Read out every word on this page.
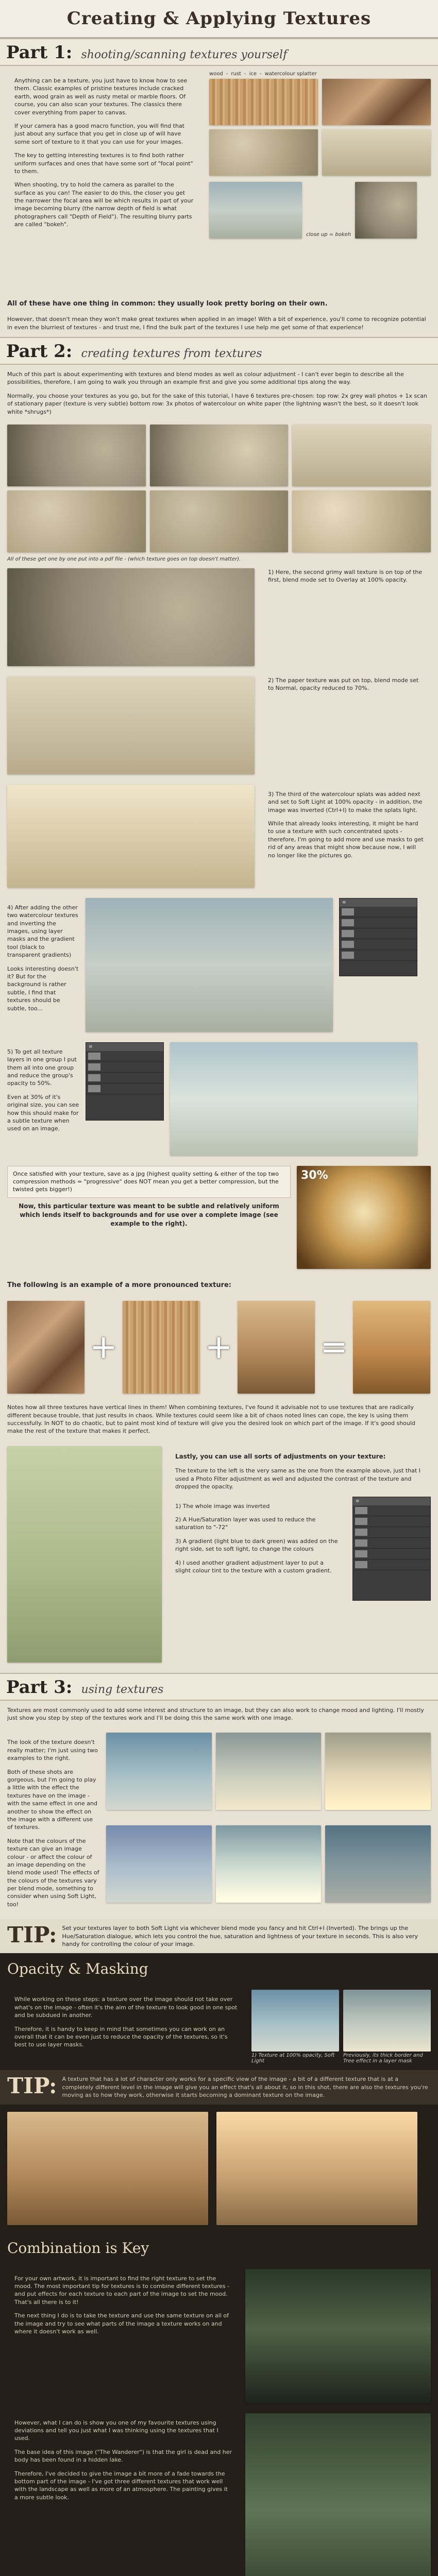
Creating & Applying Textures
Part 1: shooting/scanning textures yourself

Anything can be a texture, you just have to know how to see them. Classic examples of pristine textures include cracked earth, wood grain as well as rusty metal or marble floors. Of course, you can also scan your textures. The classics there cover everything from paper to canvas.

If your camera has a good macro function, you will find that just about any surface that you get in close up of will have some sort of texture to it that you can use for your images.

The key to getting interesting textures is to find both rather uniform surfaces and ones that have some sort of "focal point" to them.

When shooting, try to hold the camera as parallel to the surface as you can! The easier to do this, the closer you get the narrower the focal area will be which results in part of your image becoming blurry (the narrow depth of field is what photographers call "Depth of Field"). The resulting blurry parts are called "bokeh".

wood - rust - ice - watercolour splatter
close up = bokeh

All of these have one thing in common: they usually look pretty boring on their own.

However, that doesn't mean they won't make great textures when applied in an image! With a bit of experience, you'll come to recognize potential in even the blurriest of textures - and trust me, I find the bulk part of the textures I use help me get some of that experience!

Part 2: creating textures from textures

Much of this part is about experimenting with textures and blend modes as well as colour adjustment - I can't ever begin to describe all the possibilities, therefore, I am going to walk you through an example first and give you some additional tips along the way.

Normally, you choose your textures as you go, but for the sake of this tutorial, I have 6 textures pre-chosen: top row: 2x grey wall photos + 1x scan of stationary paper (texture is very subtle) bottom row: 3x photos of watercolour on white paper (the lightning wasn't the best, so it doesn't look white *shrugs*)

All of these get one by one put into a pdf file - (which texture goes on top doesn't matter).
1) Here, the second grimy wall texture is on top of the first, blend mode set to Overlay at 100% opacity.
2) The paper texture was put on top, blend mode set to Normal, opacity reduced to 70%.

3) The third of the watercolour splats was added next and set to Soft Light at 100% opacity - in addition, the image was inverted (Ctrl+I) to make the splats light.

While that already looks interesting, it might be hard to use a texture with such concentrated spots - therefore, I'm going to add more and use masks to get rid of any areas that might show because now, I will no longer like the pictures go.

4) After adding the other two watercolour textures and inverting the images, using layer masks and the gradient tool (black to transparent gradients)

Looks interesting doesn't it? But for the background is rather subtle, I find that textures should be subtle, too...

≡

5) To get all texture layers in one group I put them all into one group and reduce the group's opacity to 50%.

Even at 30% of it's original size, you can see how this should make for a subtle texture when used on an image.

≡
Once satisfied with your texture, save as a jpg (highest quality setting & either of the top two compression methods = "progressive" does NOT mean you get a better compression, but the twisted gets bigger!)

Now, this particular texture was meant to be subtle and relatively uniform which lends itself to backgrounds and for use over a complete image (see example to the right).

30%

The following is an example of a more pronounced texture:

+	+	=

Notes how all three textures have vertical lines in them! When combining textures, I've found it advisable not to use textures that are radically different because trouble, that just results in chaos. While textures could seem like a bit of chaos noted lines can cope, the key is using them successfully. In NOT to do chaotic, but to paint most kind of texture will give you the desired look on which part of the image. If it's good should make the rest of the texture that makes it perfect.

Lastly, you can use all sorts of adjustments on your texture:

The texture to the left is the very same as the one from the example above, just that I used a Photo Filter adjustment as well and adjusted the contrast of the texture and dropped the opacity.

1) The whole image was inverted

2) A Hue/Saturation layer was used to reduce the saturation to "-72"

3) A gradient (light blue to dark green) was added on the right side, set to soft light, to change the colours

4) I used another gradient adjustment layer to put a slight colour tint to the texture with a custom gradient.

≡
Part 3: using textures

Textures are most commonly used to add some interest and structure to an image, but they can also work to change mood and lighting. I'll mostly just show you step by step of the textures work and I'll be doing this the same work with one image.

The look of the texture doesn't really matter; I'm just using two examples to the right.

Both of these shots are gorgeous, but I'm going to play a little with the effect the textures have on the image - with the same effect in one and another to show the effect on the image with a different use of textures.

Note that the colours of the texture can give an image colour - or affect the colour of an image depending on the blend mode used! The effects of the colours of the textures vary per blend mode, something to consider when using Soft Light, too!

TIP: Set your textures layer to both Soft Light via whichever blend mode you fancy and hit Ctrl+I (Inverted). The brings up the Hue/Saturation dialogue, which lets you control the hue, saturation and lightness of your texture in seconds. This is also very handy for controlling the colour of your image.
Opacity & Masking

While working on these steps: a texture over the image should not take over what's on the image - often it's the aim of the texture to look good in one spot and be subdued in another.

Therefore, it is handy to keep in mind that sometimes you can work on an overall that it can be even just to reduce the opacity of the textures, so it's best to use layer masks.

1) Texture at 100% opacity, Soft Light
Previously, its thick border and Tree effect in a layer mask
TIP: A texture that has a lot of character only works for a specific view of the image - a bit of a different texture that is at a completely different level in the image will give you an effect that's all about it, so in this shot, there are also the textures you're moving as to how they work, otherwise it starts becoming a dominant texture on the image.
Combination is Key

For your own artwork, it is important to find the right texture to set the mood. The most important tip for textures is to combine different textures - and put effects for each texture to each part of the image to set the mood. That's all there is to it!

The next thing I do is to take the texture and use the same texture on all of the image and try to see what parts of the image a texture works on and where it doesn't work as well.

However, what I can do is show you one of my favourite textures using deviations and tell you just what I was thinking using the textures that I used.

The base idea of this image ("The Wanderer") is that the girl is dead and her body has been found in a hidden lake.

Therefore, I've decided to give the image a bit more of a fade towards the bottom part of the image - I've got three different textures that work well with the landscape as well as more of an atmosphere. The painting gives it a more subtle look.
